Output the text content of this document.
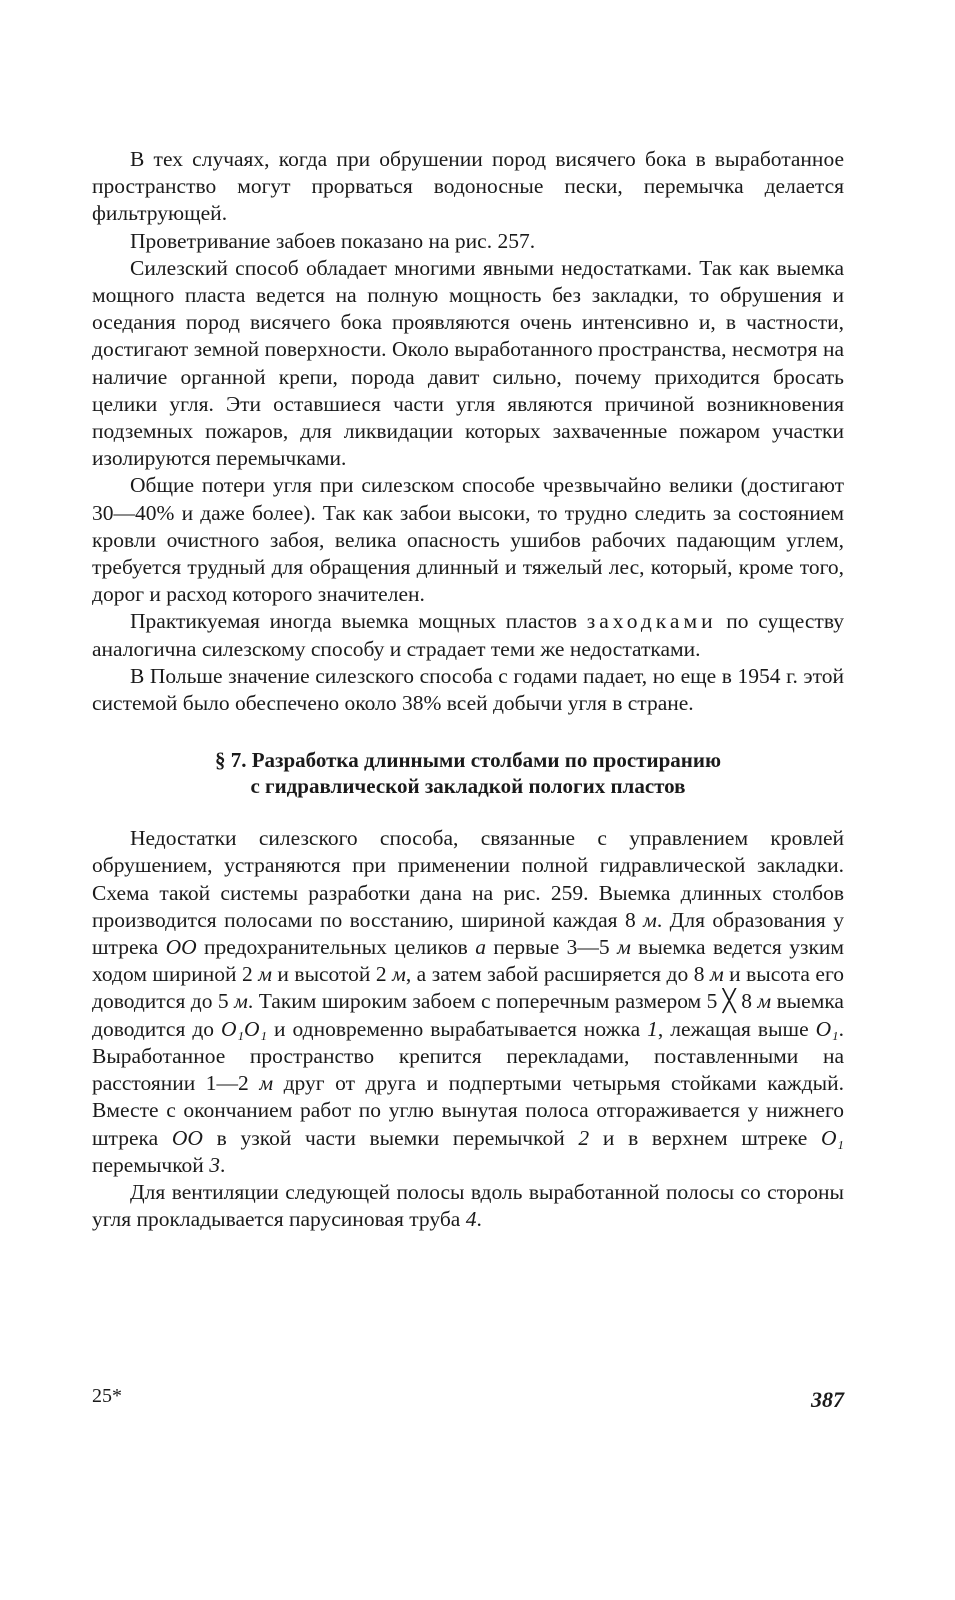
В тех случаях, когда при обрушении пород висячего бока в выработанное пространство могут прорваться водоносные пески, перемычка делается фильтрующей.

Проветривание забоев показано на рис. 257.

Силезский способ обладает многими явными недостатками. Так как выемка мощного пласта ведется на полную мощность без закладки, то обрушения и оседания пород висячего бока проявляются очень интенсивно и, в частности, достигают земной поверхности. Около выработанного пространства, несмотря на наличие органной крепи, порода давит сильно, почему приходится бросать целики угля. Эти оставшиеся части угля являются причиной возникновения подземных пожаров, для ликвидации которых захваченные пожаром участки изолируются перемычками.

Общие потери угля при силезском способе чрезвычайно велики (достигают 30—40% и даже более). Так как забои высоки, то трудно следить за состоянием кровли очистного забоя, велика опасность ушибов рабочих падающим углем, требуется трудный для обращения длинный и тяжелый лес, который, кроме того, дорог и расход которого значителен.

Практикуемая иногда выемка мощных пластов заходками по существу аналогична силезскому способу и страдает теми же недостатками.

В Польше значение силезского способа с годами падает, но еще в 1954 г. этой системой было обеспечено около 38% всей добычи угля в стране.

§ 7. Разработка длинными столбами по простиранию
с гидравлической закладкой пологих пластов

Недостатки силезского способа, связанные с управлением кровлей обрушением, устраняются при применении полной гидравлической закладки. Схема такой системы разработки дана на рис. 259. Выемка длинных столбов производится полосами по восстанию, шириной каждая 8 м. Для образования у штрека OO предохранительных целиков a первые 3—5 м выемка ведется узким ходом шириной 2 м и высотой 2 м, а затем забой расширяется до 8 м и высота его доводится до 5 м. Таким широким забоем с поперечным размером 5 ╳ 8 м выемка доводится до O₁O₁ и одновременно вырабатывается ножка 1, лежащая выше O₁. Выработанное пространство крепится перекладами, поставленными на расстоянии 1—2 м друг от друга и подпертыми четырьмя стойками каждый. Вместе с окончанием работ по углю вынутая полоса отгораживается у нижнего штрека OO в узкой части выемки перемычкой 2 и в верхнем штреке O₁ перемычкой 3.

Для вентиляции следующей полосы вдоль выработанной полосы со стороны угля прокладывается парусиновая труба 4.

25*	387
